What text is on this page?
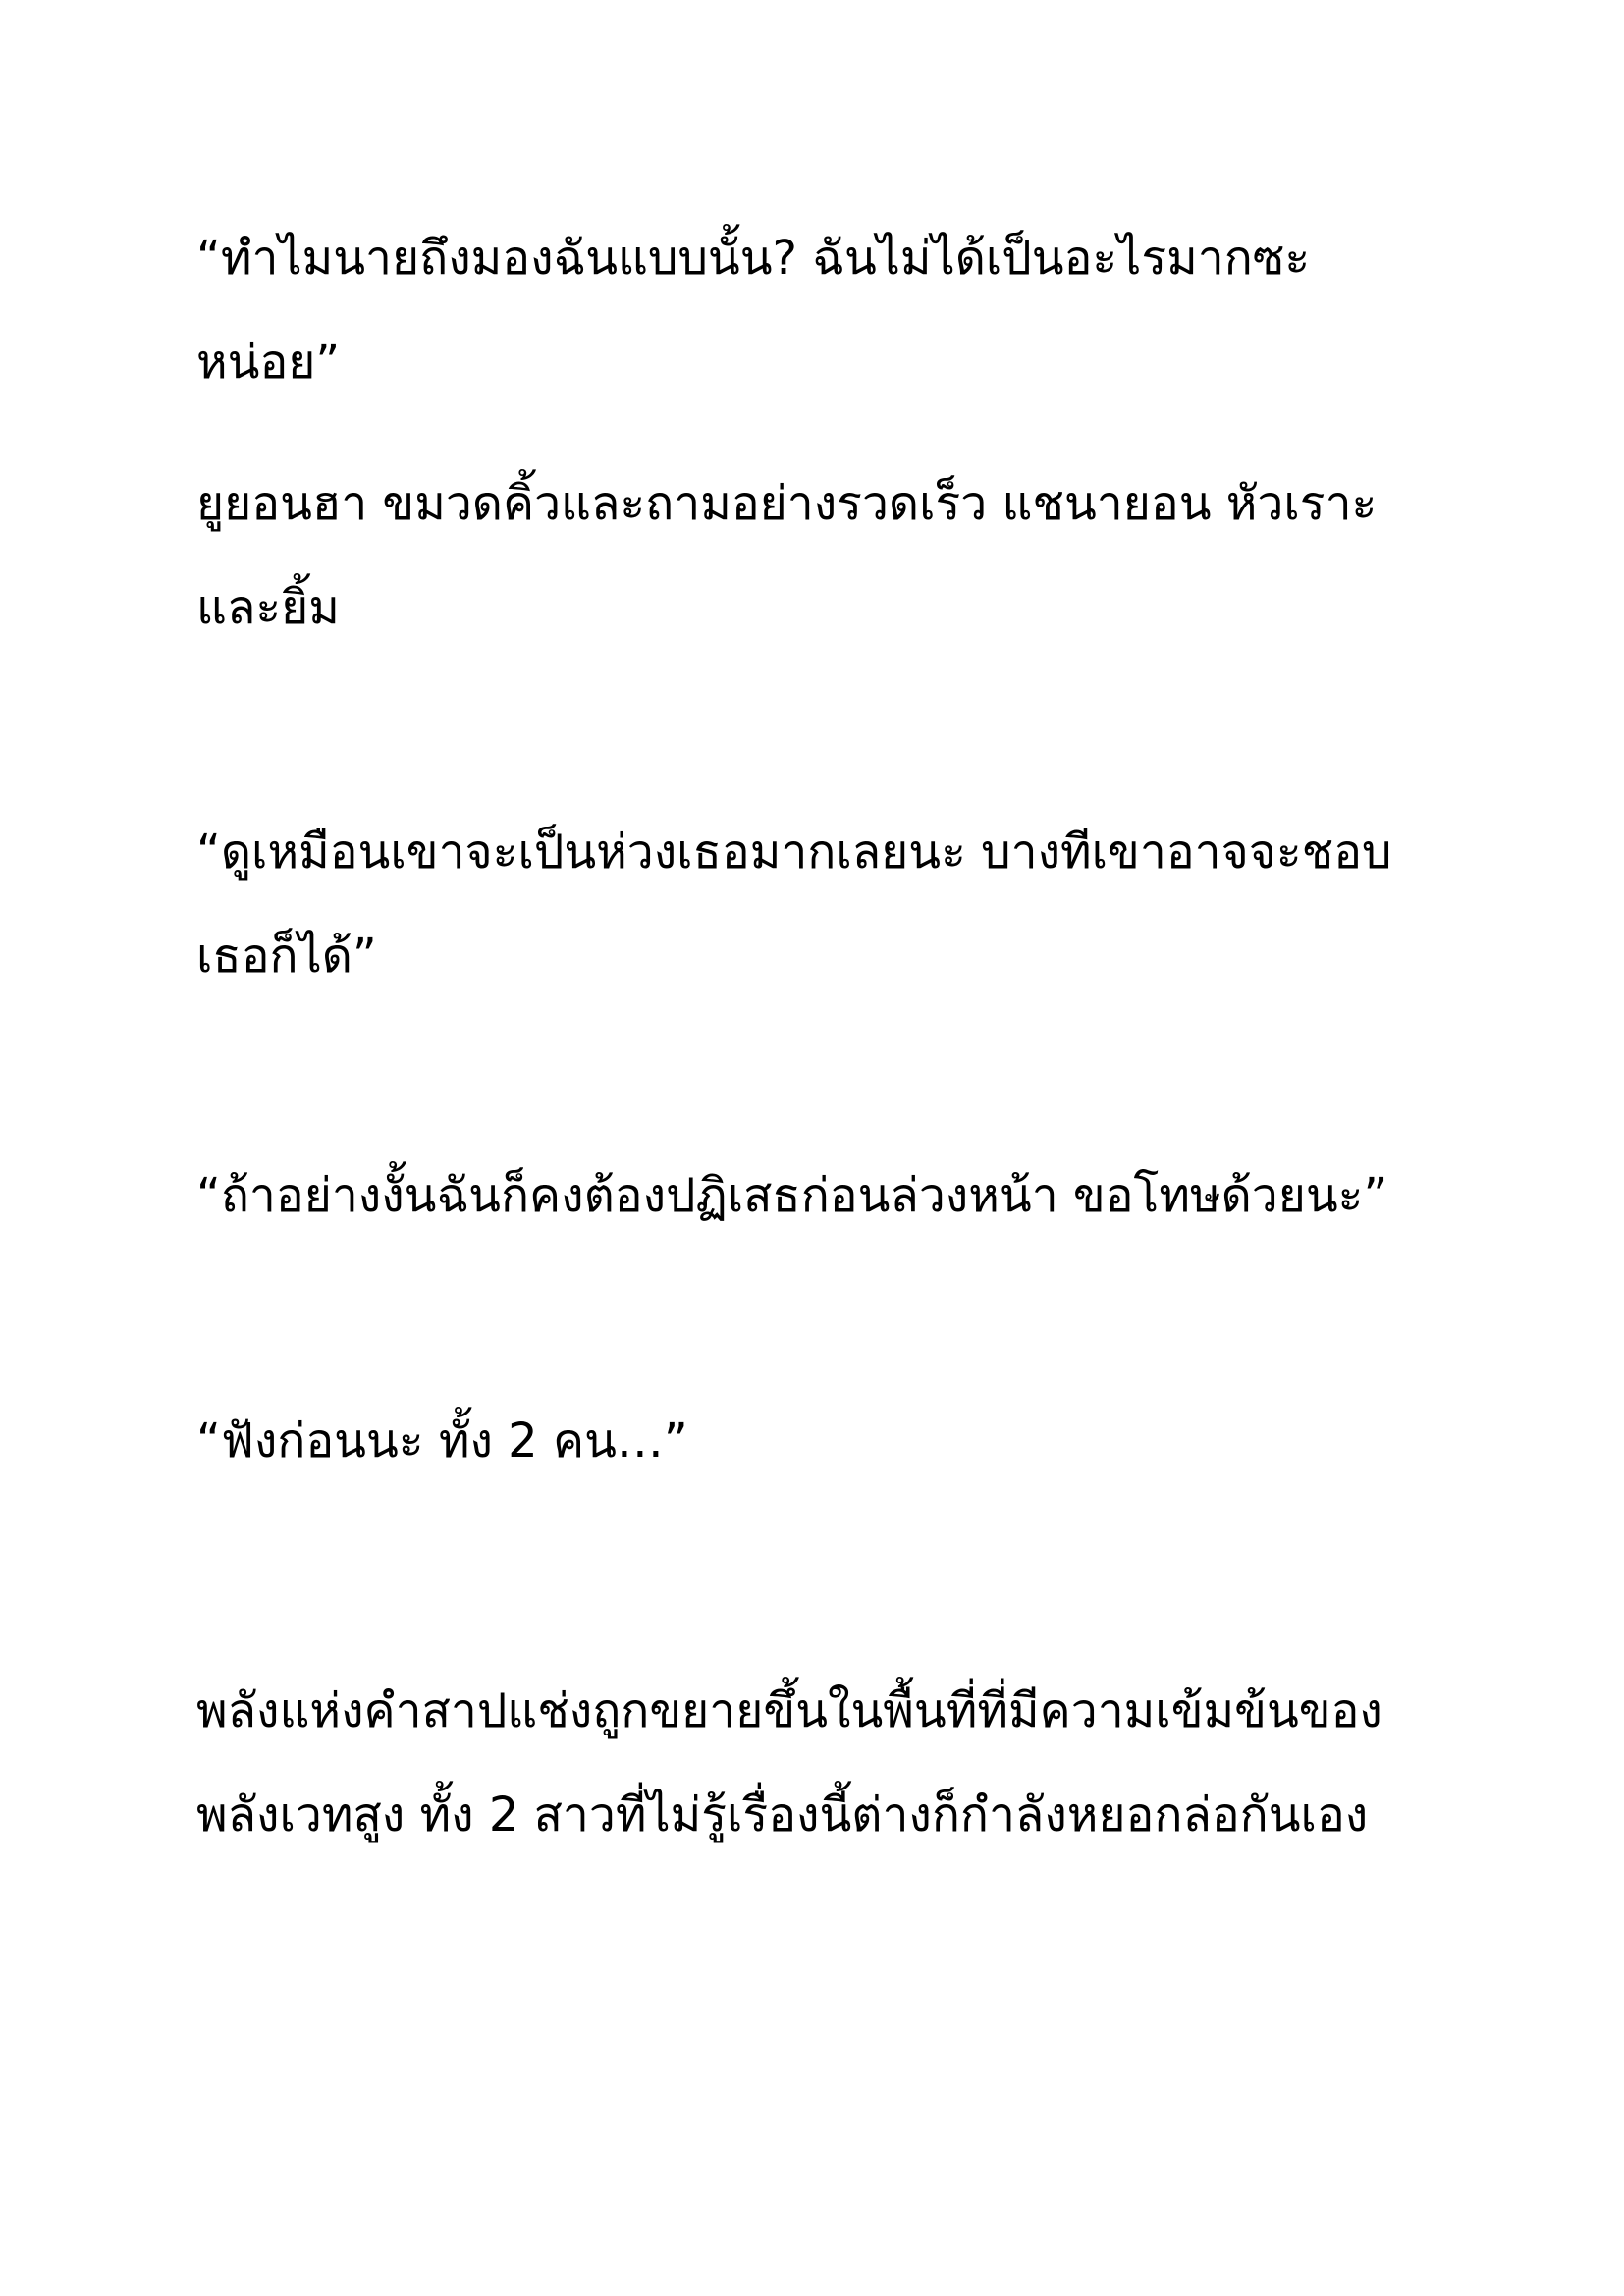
“ทำไมนายถึงมองฉันแบบนั้น? ฉันไม่ได้เป็นอะไรมากซะหน่อย”

ยูยอนฮา ขมวดคิ้วและถามอย่างรวดเร็ว แชนายอน หัวเราะและยิ้ม

“ดูเหมือนเขาจะเป็นห่วงเธอมากเลยนะ บางทีเขาอาจจะชอบเธอก็ได้”

“ถ้าอย่างงั้นฉันก็คงต้องปฏิเสธก่อนล่วงหน้า ขอโทษด้วยนะ”

“ฟังก่อนนะ ทั้ง 2 คน…”

พลังแห่งคำสาปแช่งถูกขยายขึ้นในพื้นที่ที่มีความเข้มข้นของพลังเวทสูง ทั้ง 2 สาวที่ไม่รู้เรื่องนี้ต่างก็กำลังหยอกล่อกันเอง
